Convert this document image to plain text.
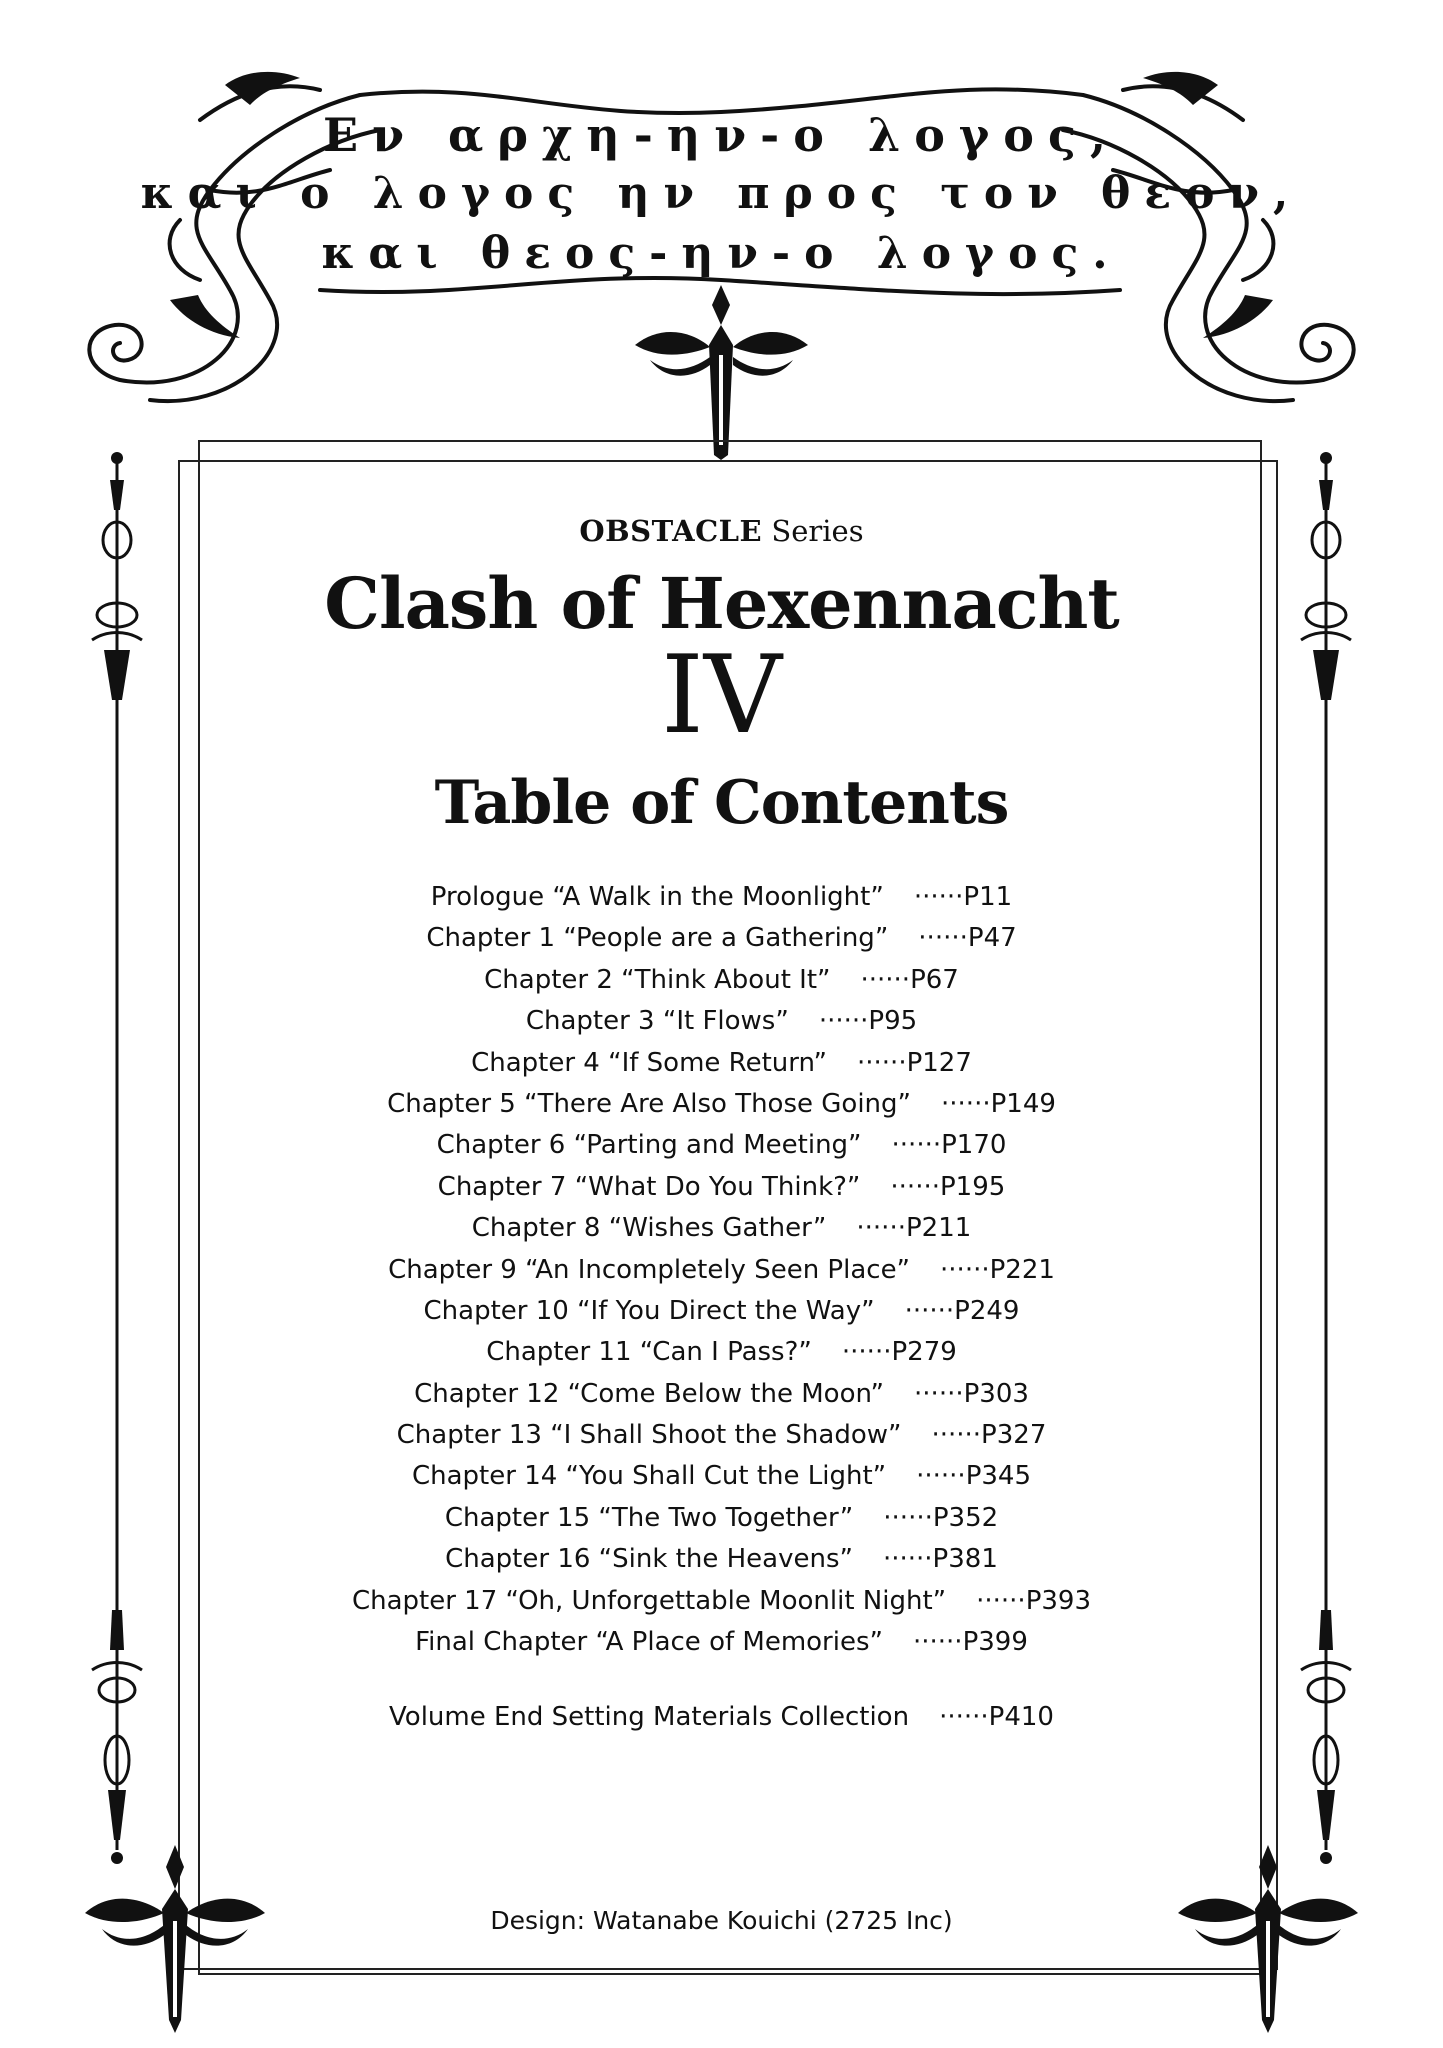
Εν αρχη-ην-ο λογος,
και ο λογος ην προς τον θεον,
και θεος-ην-ο λογος.
OBSTACLE Series
Clash of Hexennacht
IV
Table of Contents
Prologue “A Walk in the Moonlight” ······P11
Chapter 1 “People are a Gathering” ······P47
Chapter 2 “Think About It” ······P67
Chapter 3 “It Flows” ······P95
Chapter 4 “If Some Return” ······P127
Chapter 5 “There Are Also Those Going” ······P149
Chapter 6 “Parting and Meeting” ······P170
Chapter 7 “What Do You Think?” ······P195
Chapter 8 “Wishes Gather” ······P211
Chapter 9 “An Incompletely Seen Place” ······P221
Chapter 10 “If You Direct the Way” ······P249
Chapter 11 “Can I Pass?” ······P279
Chapter 12 “Come Below the Moon” ······P303
Chapter 13 “I Shall Shoot the Shadow” ······P327
Chapter 14 “You Shall Cut the Light” ······P345
Chapter 15 “The Two Together” ······P352
Chapter 16 “Sink the Heavens” ······P381
Chapter 17 “Oh, Unforgettable Moonlit Night” ······P393
Final Chapter “A Place of Memories” ······P399
Volume End Setting Materials Collection ······P410
Design: Watanabe Kouichi (2725 Inc)
